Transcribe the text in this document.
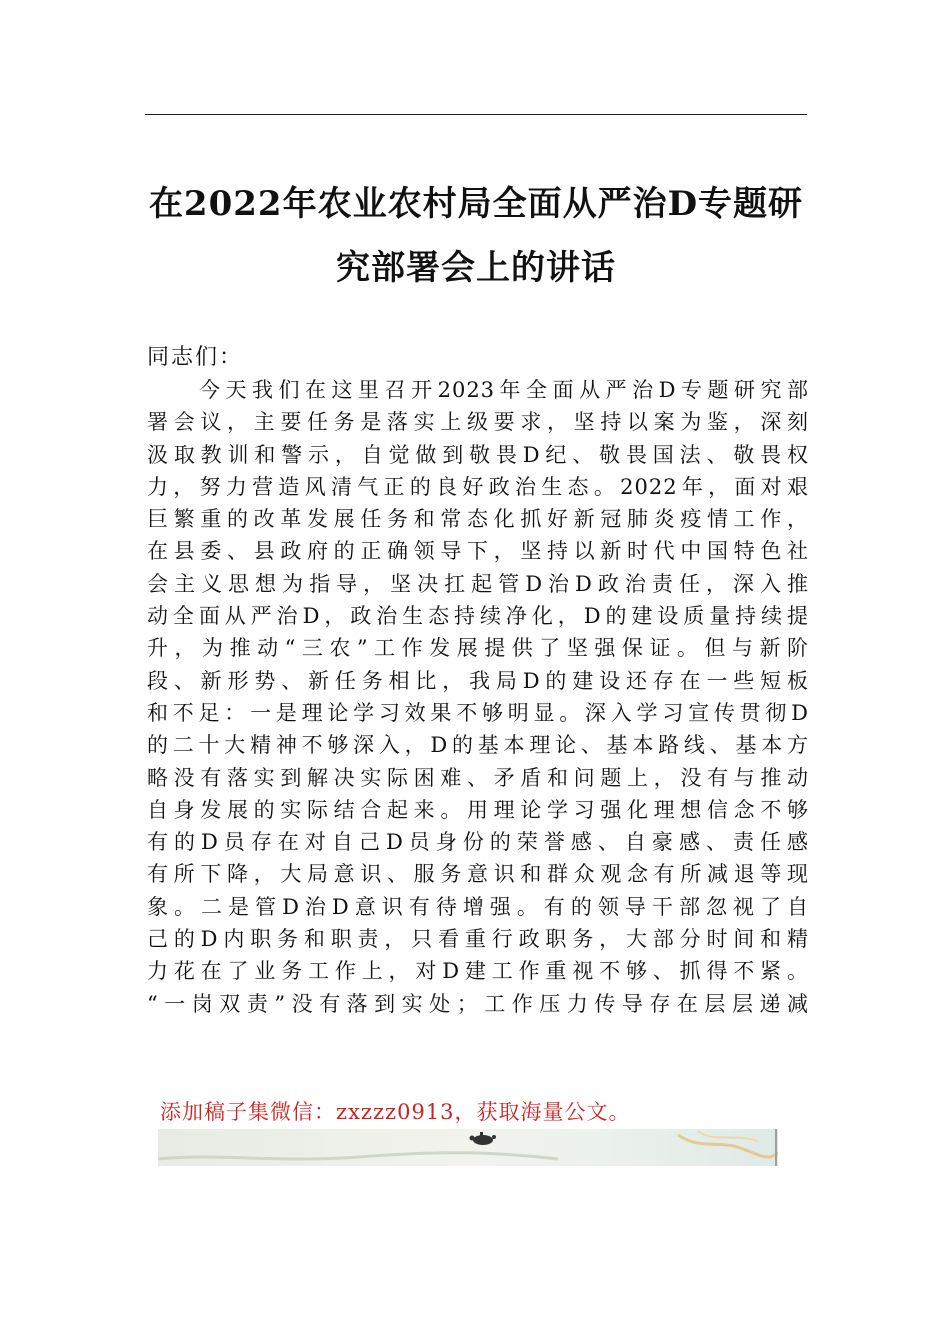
在2022年农业农村局全面从严治D专题研
究部署会上的讲话
同志们：
今天我们在这里召开2023年全面从严治D专题研究部
署会议，主要任务是落实上级要求，坚持以案为鉴，深刻
汲取教训和警示，自觉做到敬畏D纪、敬畏国法、敬畏权
力，努力营造风清气正的良好政治生态。2022年，面对艰
巨繁重的改革发展任务和常态化抓好新冠肺炎疫情工作，
在县委、县政府的正确领导下，坚持以新时代中国特色社
会主义思想为指导，坚决扛起管D治D政治责任，深入推
动全面从严治D，政治生态持续净化，D的建设质量持续提
升，为推动“三农”工作发展提供了坚强保证。但与新阶
段、新形势、新任务相比，我局D的建设还存在一些短板
和不足：一是理论学习效果不够明显。深入学习宣传贯彻D
的二十大精神不够深入，D的基本理论、基本路线、基本方
略没有落实到解决实际困难、矛盾和问题上，没有与推动
自身发展的实际结合起来。用理论学习强化理想信念不够
有的D员存在对自己D员身份的荣誉感、自豪感、责任感
有所下降，大局意识、服务意识和群众观念有所减退等现
象。二是管D治D意识有待增强。有的领导干部忽视了自
己的D内职务和职责，只看重行政职务，大部分时间和精
力花在了业务工作上，对D建工作重视不够、抓得不紧。
“一岗双责”没有落到实处；工作压力传导存在层层递减
添加稿子集微信：zxzzz0913，获取海量公文。
